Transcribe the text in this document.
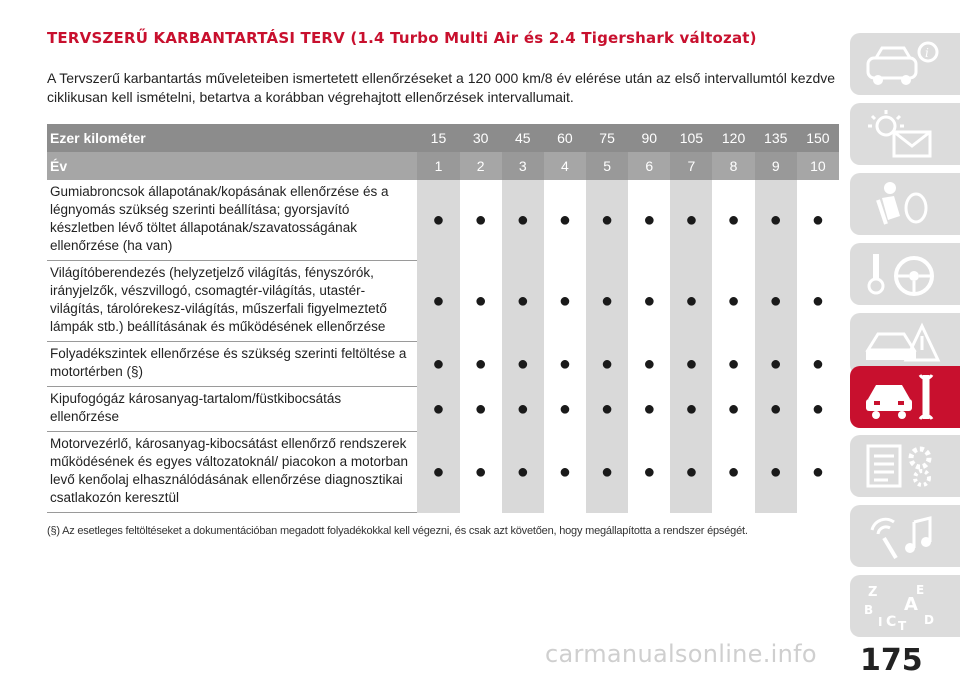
TERVSZERŰ KARBANTARTÁSI TERV (1.4 Turbo Multi Air és 2.4 Tigershark változat)
A Tervszerű karbantartás műveleteiben ismertetett ellenőrzéseket a 120 000 km/8 év elérése után az első intervallumtól kezdve ciklikusan kell ismételni, betartva a korábban végrehajtott ellenőrzések intervallumait.
Ezer kilométer	15	30	45	60	75	90	105	120	135	150
Év	1	2	3	4	5	6	7	8	9	10
Gumiabroncsok állapotának/kopásának ellenőrzése és a légnyomás szükség szerinti beállítása; gyorsjavító készletben lévő töltet állapotának/szavatosságának ellenőrzése (ha van)	●	●	●	●	●	●	●	●	●	●
Világítóberendezés (helyzetjelző világítás, fényszórók, irányjelzők, vészvillogó, csomagtér-világítás, utastér-világítás, tárolórekesz-világítás, műszerfali figyelmeztető lámpák stb.) beállításának és működésének ellenőrzése	●	●	●	●	●	●	●	●	●	●
Folyadékszintek ellenőrzése és szükség szerinti feltöltése a motortérben (§)	●	●	●	●	●	●	●	●	●	●
Kipufogógáz károsanyag-tartalom/füstkibocsátás ellenőrzése	●	●	●	●	●	●	●	●	●	●
Motorvezérlő, károsanyag-kibocsátást ellenőrző rendszerek működésének és egyes változatoknál/ piacokon a motorban levő kenőolaj elhasználódásának ellenőrzése diagnosztikai csatlakozón keresztül	●	●	●	●	●	●	●	●	●	●
(§) Az esetleges feltöltéseket a dokumentációban megadott folyadékokkal kell végezni, és csak azt követően, hogy megállapította a rendszer épségét.
i
Z	E
B A
D
I C T
carmanualsonline.info 175
